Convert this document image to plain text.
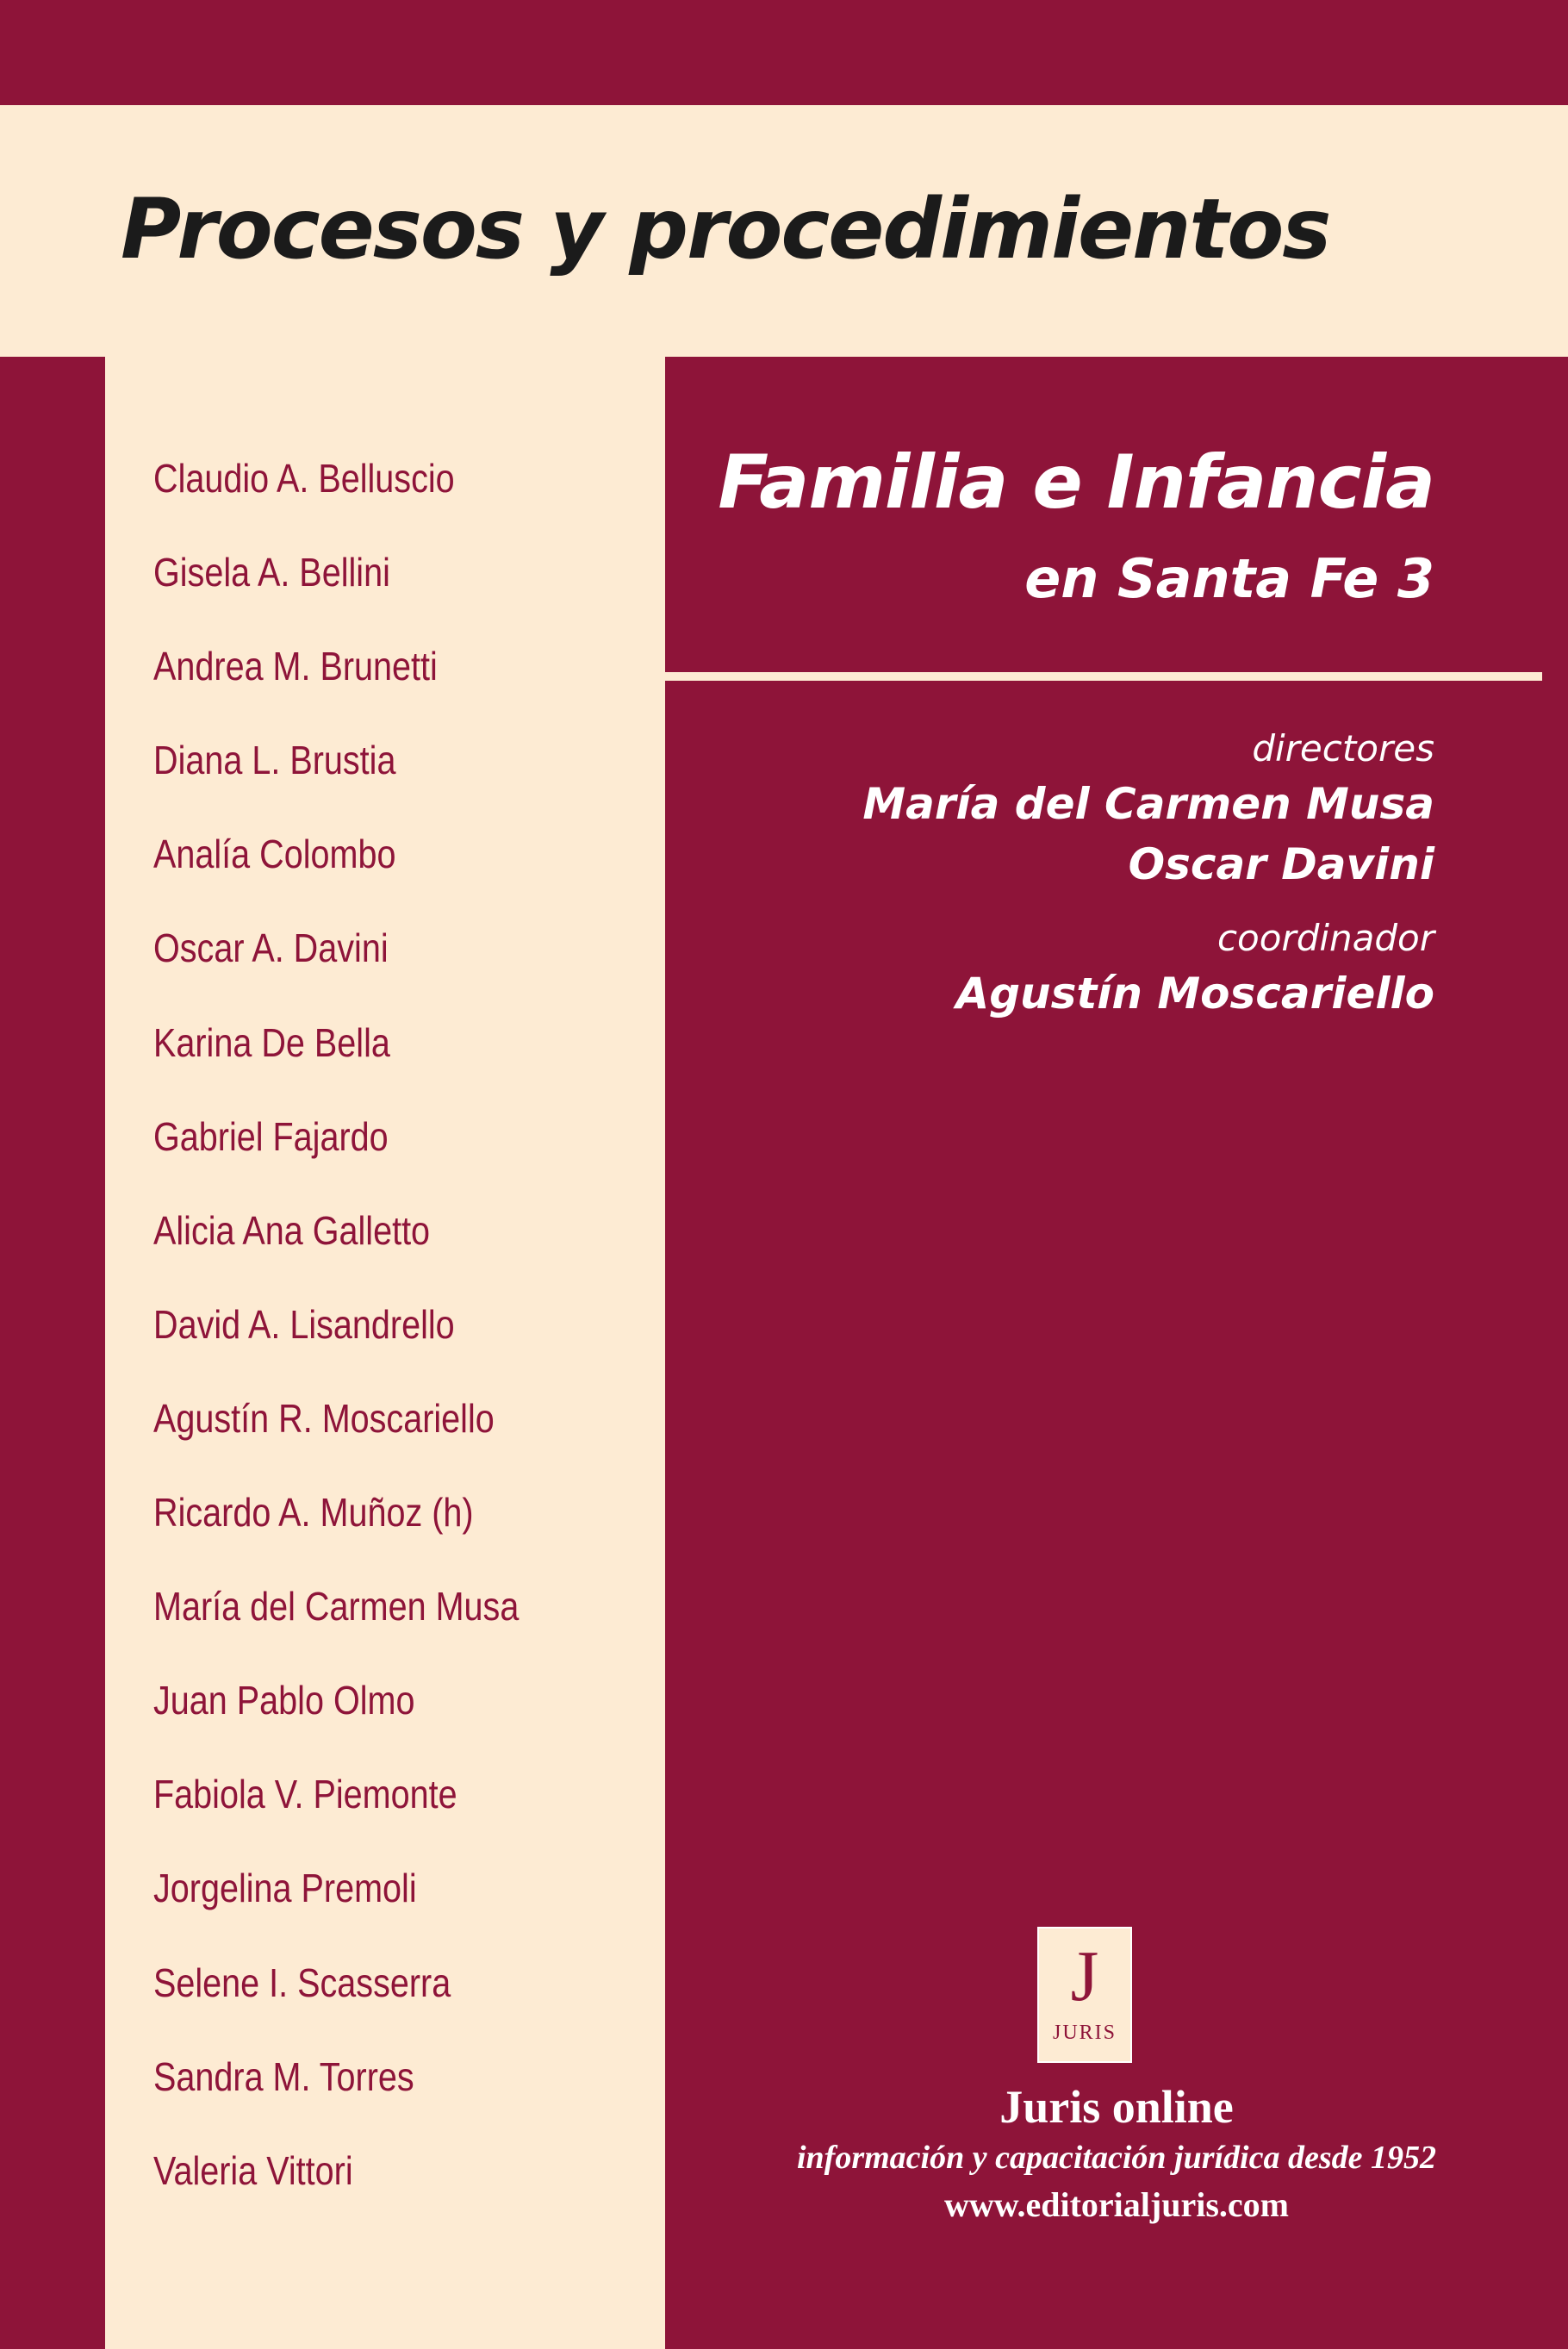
Procesos y procedimientos
Claudio A. Belluscio
Gisela A. Bellini
Andrea M. Brunetti
Diana L. Brustia
Analía Colombo
Oscar A. Davini
Karina De Bella
Gabriel Fajardo
Alicia Ana Galletto
David A. Lisandrello
Agustín R. Moscariello
Ricardo A. Muñoz (h)
María del Carmen Musa
Juan Pablo Olmo
Fabiola V. Piemonte
Jorgelina Premoli
Selene I. Scasserra
Sandra M. Torres
Valeria Vittori
Familia e Infancia
en Santa Fe 3
directores
María del Carmen Musa
Oscar Davini
coordinador
Agustín Moscariello
J
JURIS
Juris online
información y capacitación jurídica desde 1952
www.editorialjuris.com
